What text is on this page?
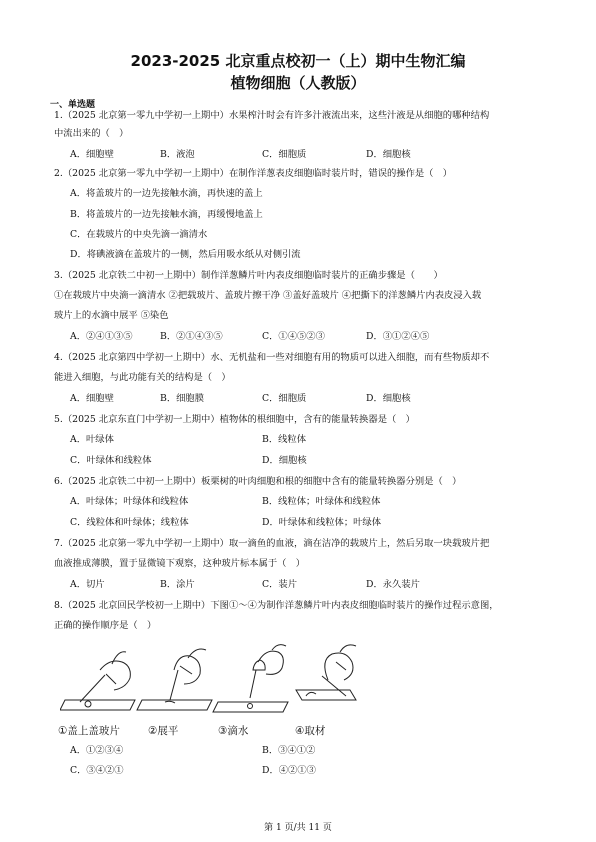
2023-2025 北京重点校初一（上）期中生物汇编
植物细胞（人教版）
一、单选题
1.（2025 北京第一零九中学初一上期中）水果榨汁时会有许多汁液流出来，这些汁液是从细胞的哪种结构
中流出来的（　）
A．细胞壁	B．液泡	C．细胞质	D．细胞核
2.（2025 北京第一零九中学初一上期中）在制作洋葱表皮细胞临时装片时，错误的操作是（　）
A．将盖玻片的一边先接触水滴，再快速的盖上
B．将盖玻片的一边先接触水滴，再缓慢地盖上
C．在载玻片的中央先滴一滴清水
D．将碘液滴在盖玻片的一侧，然后用吸水纸从对侧引流
3.（2025 北京铁二中初一上期中）制作洋葱鳞片叶内表皮细胞临时装片的正确步骤是（　　）
①在载玻片中央滴一滴清水 ②把载玻片、盖玻片擦干净 ③盖好盖玻片 ④把撕下的洋葱鳞片内表皮浸入载
玻片上的水滴中展平 ⑤染色
A．②④①③⑤	B．②①④③⑤	C．①④⑤②③	D．③①②④⑤
4.（2025 北京第四中学初一上期中）水、无机盐和一些对细胞有用的物质可以进入细胞，而有些物质却不
能进入细胞，与此功能有关的结构是（　）
A．细胞壁	B．细胞膜	C．细胞质	D．细胞核
5.（2025 北京东直门中学初一上期中）植物体的根细胞中，含有的能量转换器是（　）
A．叶绿体	B．线粒体
C．叶绿体和线粒体	D．细胞核
6.（2025 北京铁二中初一上期中）板栗树的叶肉细胞和根的细胞中含有的能量转换器分别是（　）
A．叶绿体；叶绿体和线粒体	B．线粒体；叶绿体和线粒体
C．线粒体和叶绿体；线粒体	D．叶绿体和线粒体；叶绿体
7.（2025 北京第一零九中学初一上期中）取一滴鱼的血液，滴在洁净的载玻片上，然后另取一块载玻片把
血液推成薄膜，置于显微镜下观察，这种玻片标本属于（　）
A．切片	B．涂片	C．装片	D．永久装片
8.（2025 北京回民学校初一上期中）下图①～④为制作洋葱鳞片叶内表皮细胞临时装片的操作过程示意图，
正确的操作顺序是（　）
①盖上盖玻片	②展平	③滴水	④取材
A．①②③④	B．③④①②
C．③④②①	D．④②①③
第 1 页/共 11 页
